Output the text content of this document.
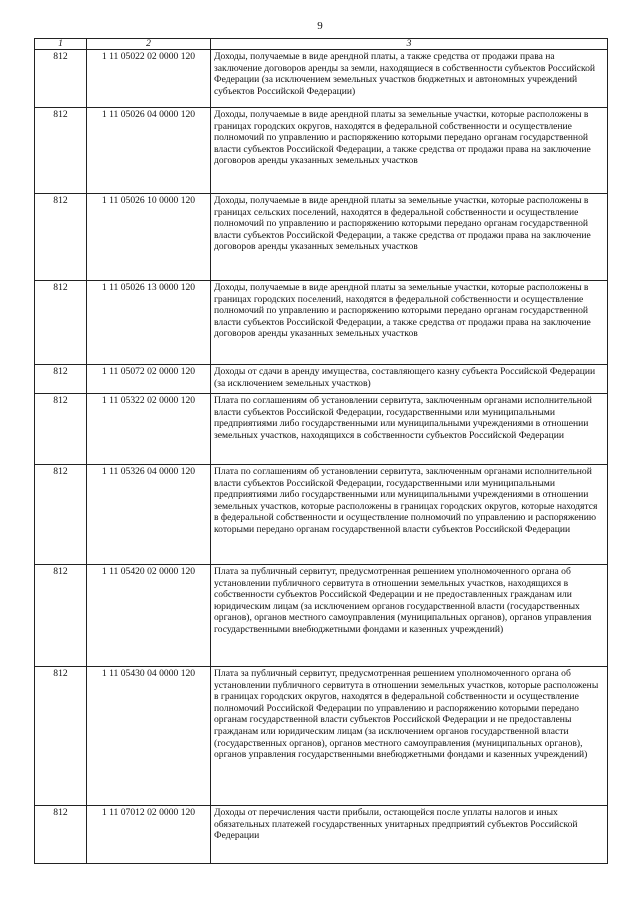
9
1	2	3
812	1 11 05022 02 0000 120	Доходы, получаемые в виде арендной платы, а также средства от продажи права на заключение договоров аренды за земли, находящиеся в собственности субъектов Российской Федерации (за исключением земельных участков бюджетных и автономных учреждений субъектов Российской Федерации)
812	1 11 05026 04 0000 120	Доходы, получаемые в виде арендной платы за земельные участки, которые расположены в границах городских округов, находятся в федеральной собственности и осуществление полномочий по управлению и распоряжению которыми передано органам государственной власти субъектов Российской Федерации, а также средства от продажи права на заключение договоров аренды указанных земельных участков
812	1 11 05026 10 0000 120	Доходы, получаемые в виде арендной платы за земельные участки, которые расположены в границах сельских поселений, находятся в федеральной собственности и осуществление полномочий по управлению и распоряжению которыми передано органам государственной власти субъектов Российской Федерации, а также средства от продажи права на заключение договоров аренды указанных земельных участков
812	1 11 05026 13 0000 120	Доходы, получаемые в виде арендной платы за земельные участки, которые расположены в границах городских поселений, находятся в федеральной собственности и осуществление полномочий по управлению и распоряжению которыми передано органам государственной власти субъектов Российской Федерации, а также средства от продажи права на заключение договоров аренды указанных земельных участков
812	1 11 05072 02 0000 120	Доходы от сдачи в аренду имущества, составляющего казну субъекта Российской Федерации (за исключением земельных участков)
812	1 11 05322 02 0000 120	Плата по соглашениям об установлении сервитута, заключенным органами исполнительной власти субъектов Российской Федерации, государственными или муниципальными предприятиями либо государственными или муниципальными учреждениями в отношении земельных участков, находящихся в собственности субъектов Российской Федерации
812	1 11 05326 04 0000 120	Плата по соглашениям об установлении сервитута, заключенным органами исполнительной власти субъектов Российской Федерации, государственными или муниципальными предприятиями либо государственными или муниципальными учреждениями в отношении земельных участков, которые расположены в границах городских округов, которые находятся в федеральной собственности и осуществление полномочий по управлению и распоряжению которыми передано органам государственной власти субъектов Российской Федерации
812	1 11 05420 02 0000 120	Плата за публичный сервитут, предусмотренная решением уполномоченного органа об установлении публичного сервитута в отношении земельных участков, находящихся в собственности субъектов Российской Федерации и не предоставленных гражданам или юридическим лицам (за исключением органов государственной власти (государственных органов), органов местного самоуправления (муниципальных органов), органов управления государственными внебюджетными фондами и казенных учреждений)
812	1 11 05430 04 0000 120	Плата за публичный сервитут, предусмотренная решением уполномоченного органа об установлении публичного сервитута в отношении земельных участков, которые расположены в границах городских округов, находятся в федеральной собственности и осуществление полномочий Российской Федерации по управлению и распоряжению которыми передано органам государственной власти субъектов Российской Федерации и не предоставлены гражданам или юридическим лицам (за исключением органов государственной власти (государственных органов), органов местного самоуправления (муниципальных органов), органов управления государственными внебюджетными фондами и казенных учреждений)
812	1 11 07012 02 0000 120	Доходы от перечисления части прибыли, остающейся после уплаты налогов и иных обязательных платежей государственных унитарных предприятий субъектов Российской Федерации
